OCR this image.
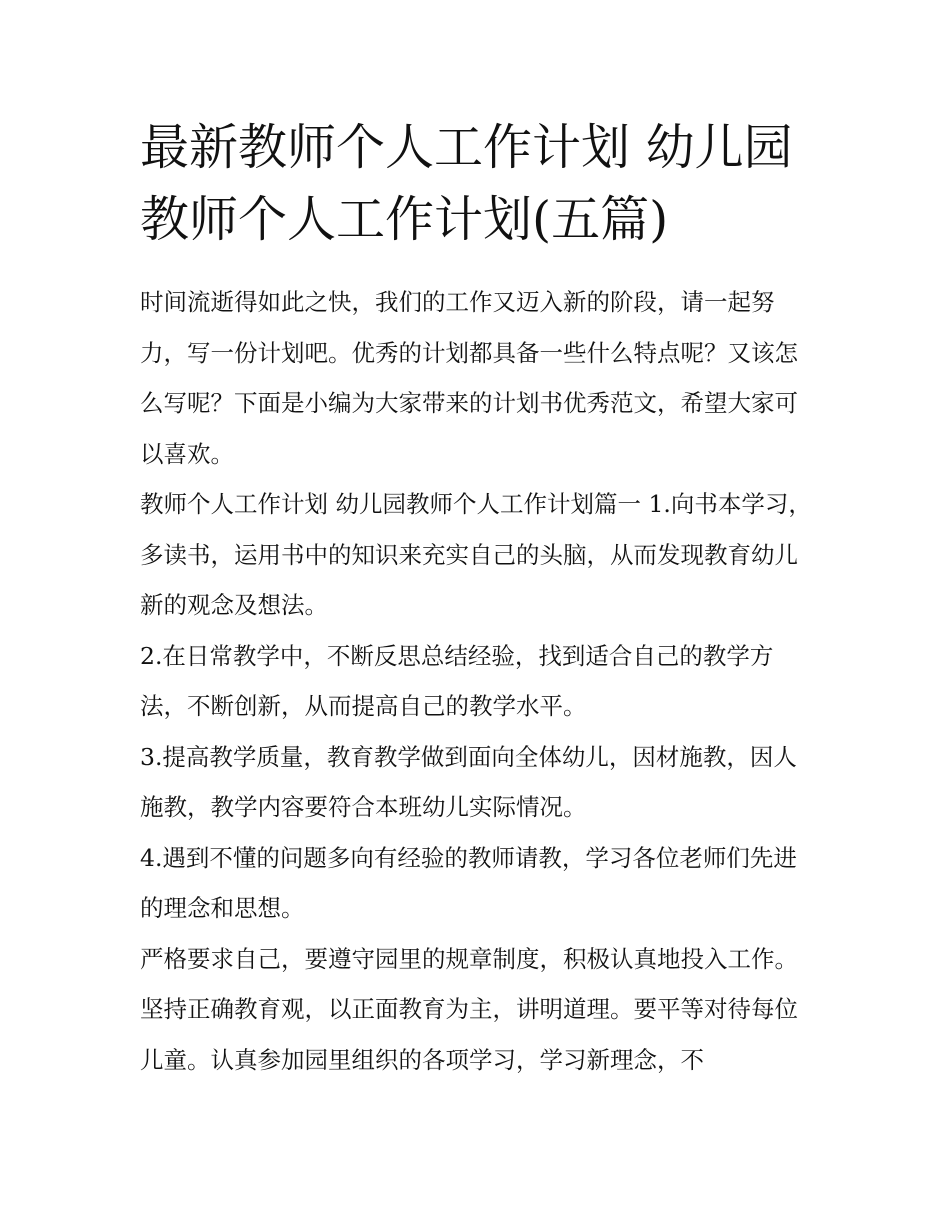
最新教师个人工作计划 幼儿园教师个人工作计划(五篇)

时间流逝得如此之快，我们的工作又迈入新的阶段，请一起努力，写一份计划吧。优秀的计划都具备一些什么特点呢？又该怎么写呢？下面是小编为大家带来的计划书优秀范文，希望大家可以喜欢。

教师个人工作计划 幼儿园教师个人工作计划篇一 1.向书本学习，多读书，运用书中的知识来充实自己的头脑，从而发现教育幼儿新的观念及想法。

2.在日常教学中，不断反思总结经验，找到适合自己的教学方法，不断创新，从而提高自己的教学水平。

3.提高教学质量，教育教学做到面向全体幼儿，因材施教，因人施教，教学内容要符合本班幼儿实际情况。

4.遇到不懂的问题多向有经验的教师请教，学习各位老师们先进的理念和思想。

严格要求自己，要遵守园里的规章制度，积极认真地投入工作。坚持正确教育观，以正面教育为主，讲明道理。要平等对待每位儿童。认真参加园里组织的各项学习，学习新理念，不
